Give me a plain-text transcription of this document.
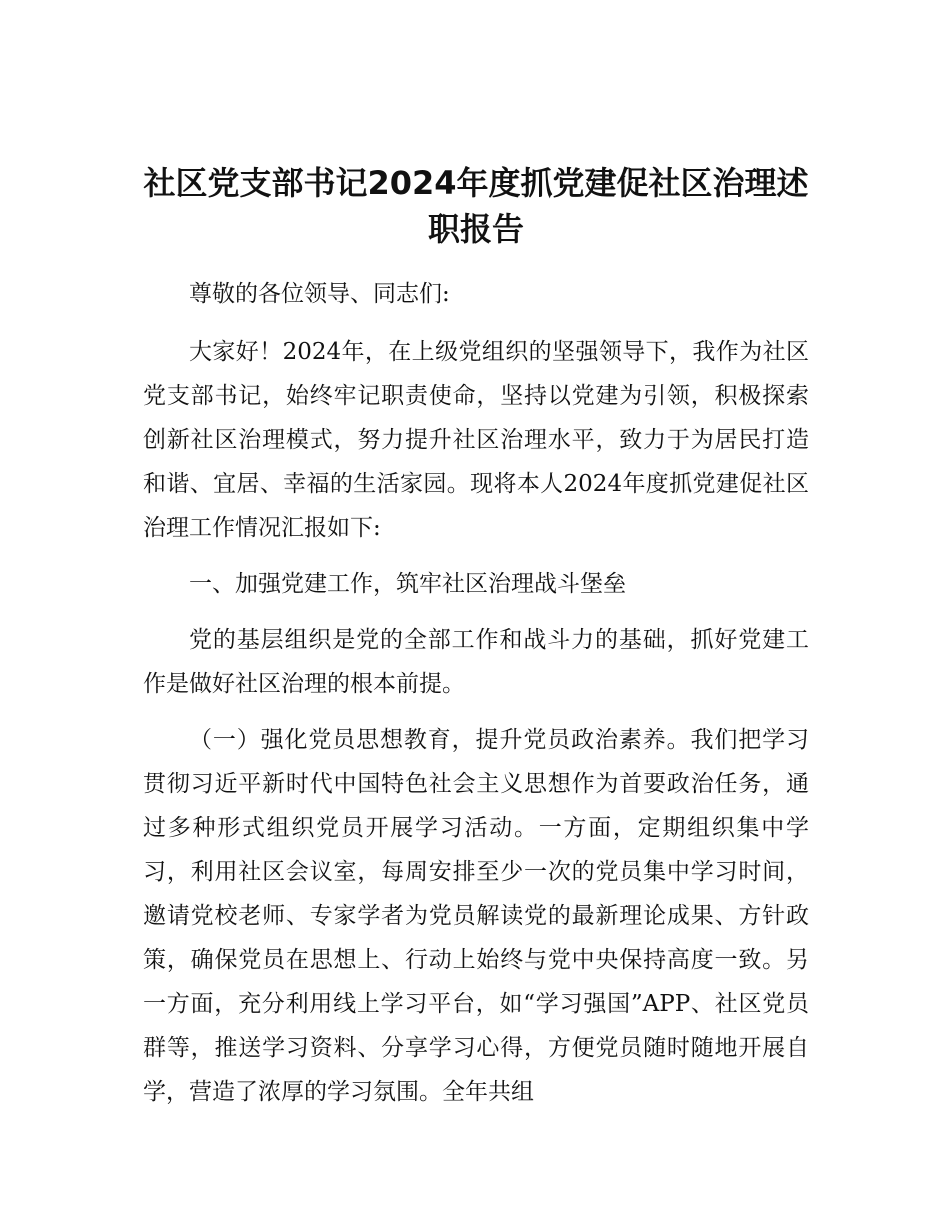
社区党支部书记2024年度抓党建促社区治理述
职报告

尊敬的各位领导、同志们:

大家好！2024年，在上级党组织的坚强领导下，我作为社区党支部书记，始终牢记职责使命，坚持以党建为引领，积极探索创新社区治理模式，努力提升社区治理水平，致力于为居民打造和谐、宜居、幸福的生活家园。现将本人2024年度抓党建促社区治理工作情况汇报如下:

一、加强党建工作，筑牢社区治理战斗堡垒

党的基层组织是党的全部工作和战斗力的基础，抓好党建工作是做好社区治理的根本前提。

（一）强化党员思想教育，提升党员政治素养。我们把学习贯彻习近平新时代中国特色社会主义思想作为首要政治任务，通过多种形式组织党员开展学习活动。一方面，定期组织集中学习，利用社区会议室，每周安排至少一次的党员集中学习时间，邀请党校老师、专家学者为党员解读党的最新理论成果、方针政策，确保党员在思想上、行动上始终与党中央保持高度一致。另一方面，充分利用线上学习平台，如“学习强国”APP、社区党员群等，推送学习资料、分享学习心得，方便党员随时随地开展自学，营造了浓厚的学习氛围。全年共组
